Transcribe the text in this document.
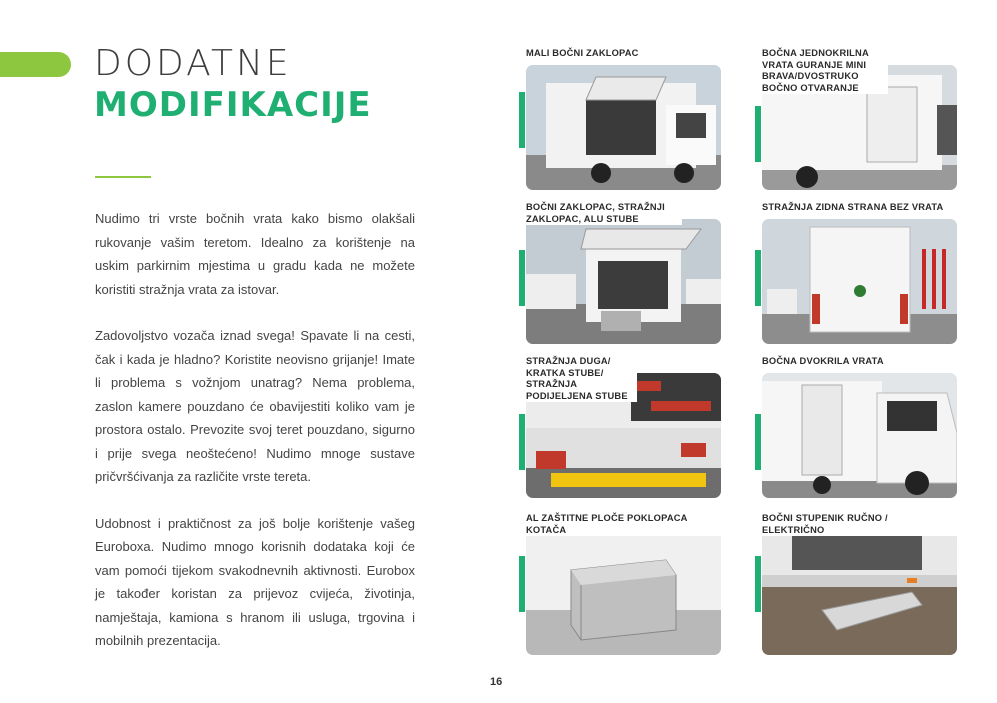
DODATNE
MODIFIKACIJE

Nudimo tri vrste bočnih vrata kako bismo olakšali rukovanje vašim teretom. Idealno za korištenje na uskim parkirnim mjestima u gradu kada ne možete koristiti stražnja vrata za istovar.

Zadovoljstvo vozača iznad svega! Spavate li na cesti, čak i kada je hladno? Koristite neovisno grijanje! Imate li problema s vožnjom unatrag? Nema problema, zaslon kamere pouzdano će obavijestiti koliko vam je prostora ostalo. Prevozite svoj teret pouzdano, sigurno i prije svega neoštećeno! Nudimo mnoge sustave pričvršćivanja za različite vrste tereta.

Udobnost i praktičnost za još bolje korištenje vašeg Euroboxa. Nudimo mnogo korisnih dodataka koji će vam pomoći tijekom svakodnevnih aktivnosti. Eurobox je također koristan za prijevoz cvijeća, životinja, namještaja, kamiona s hranom ili usluga, trgovina i mobilnih prezentacija.

MALI BOČNI ZAKLOPAC	BOČNA JEDNOKRILNA VRATA GURANJE MINI BRAVA/DVOSTRUKO BOČNO OTVARANJE
BOČNI ZAKLOPAC, STRAŽNJI ZAKLOPAC, ALU STUBE
STRAŽNJA ZIDNA STRANA BEZ VRATA
STRAŽNJA DUGA/ KRATKA STUBE/ STRAŽNJA PODIJELJENA STUBE
BOČNA DVOKRILA VRATA
AL ZAŠTITNE PLOČE POKLOPACA KOTAČA
BOČNI STUPENIK RUČNO / ELEKTRIČNO
16
